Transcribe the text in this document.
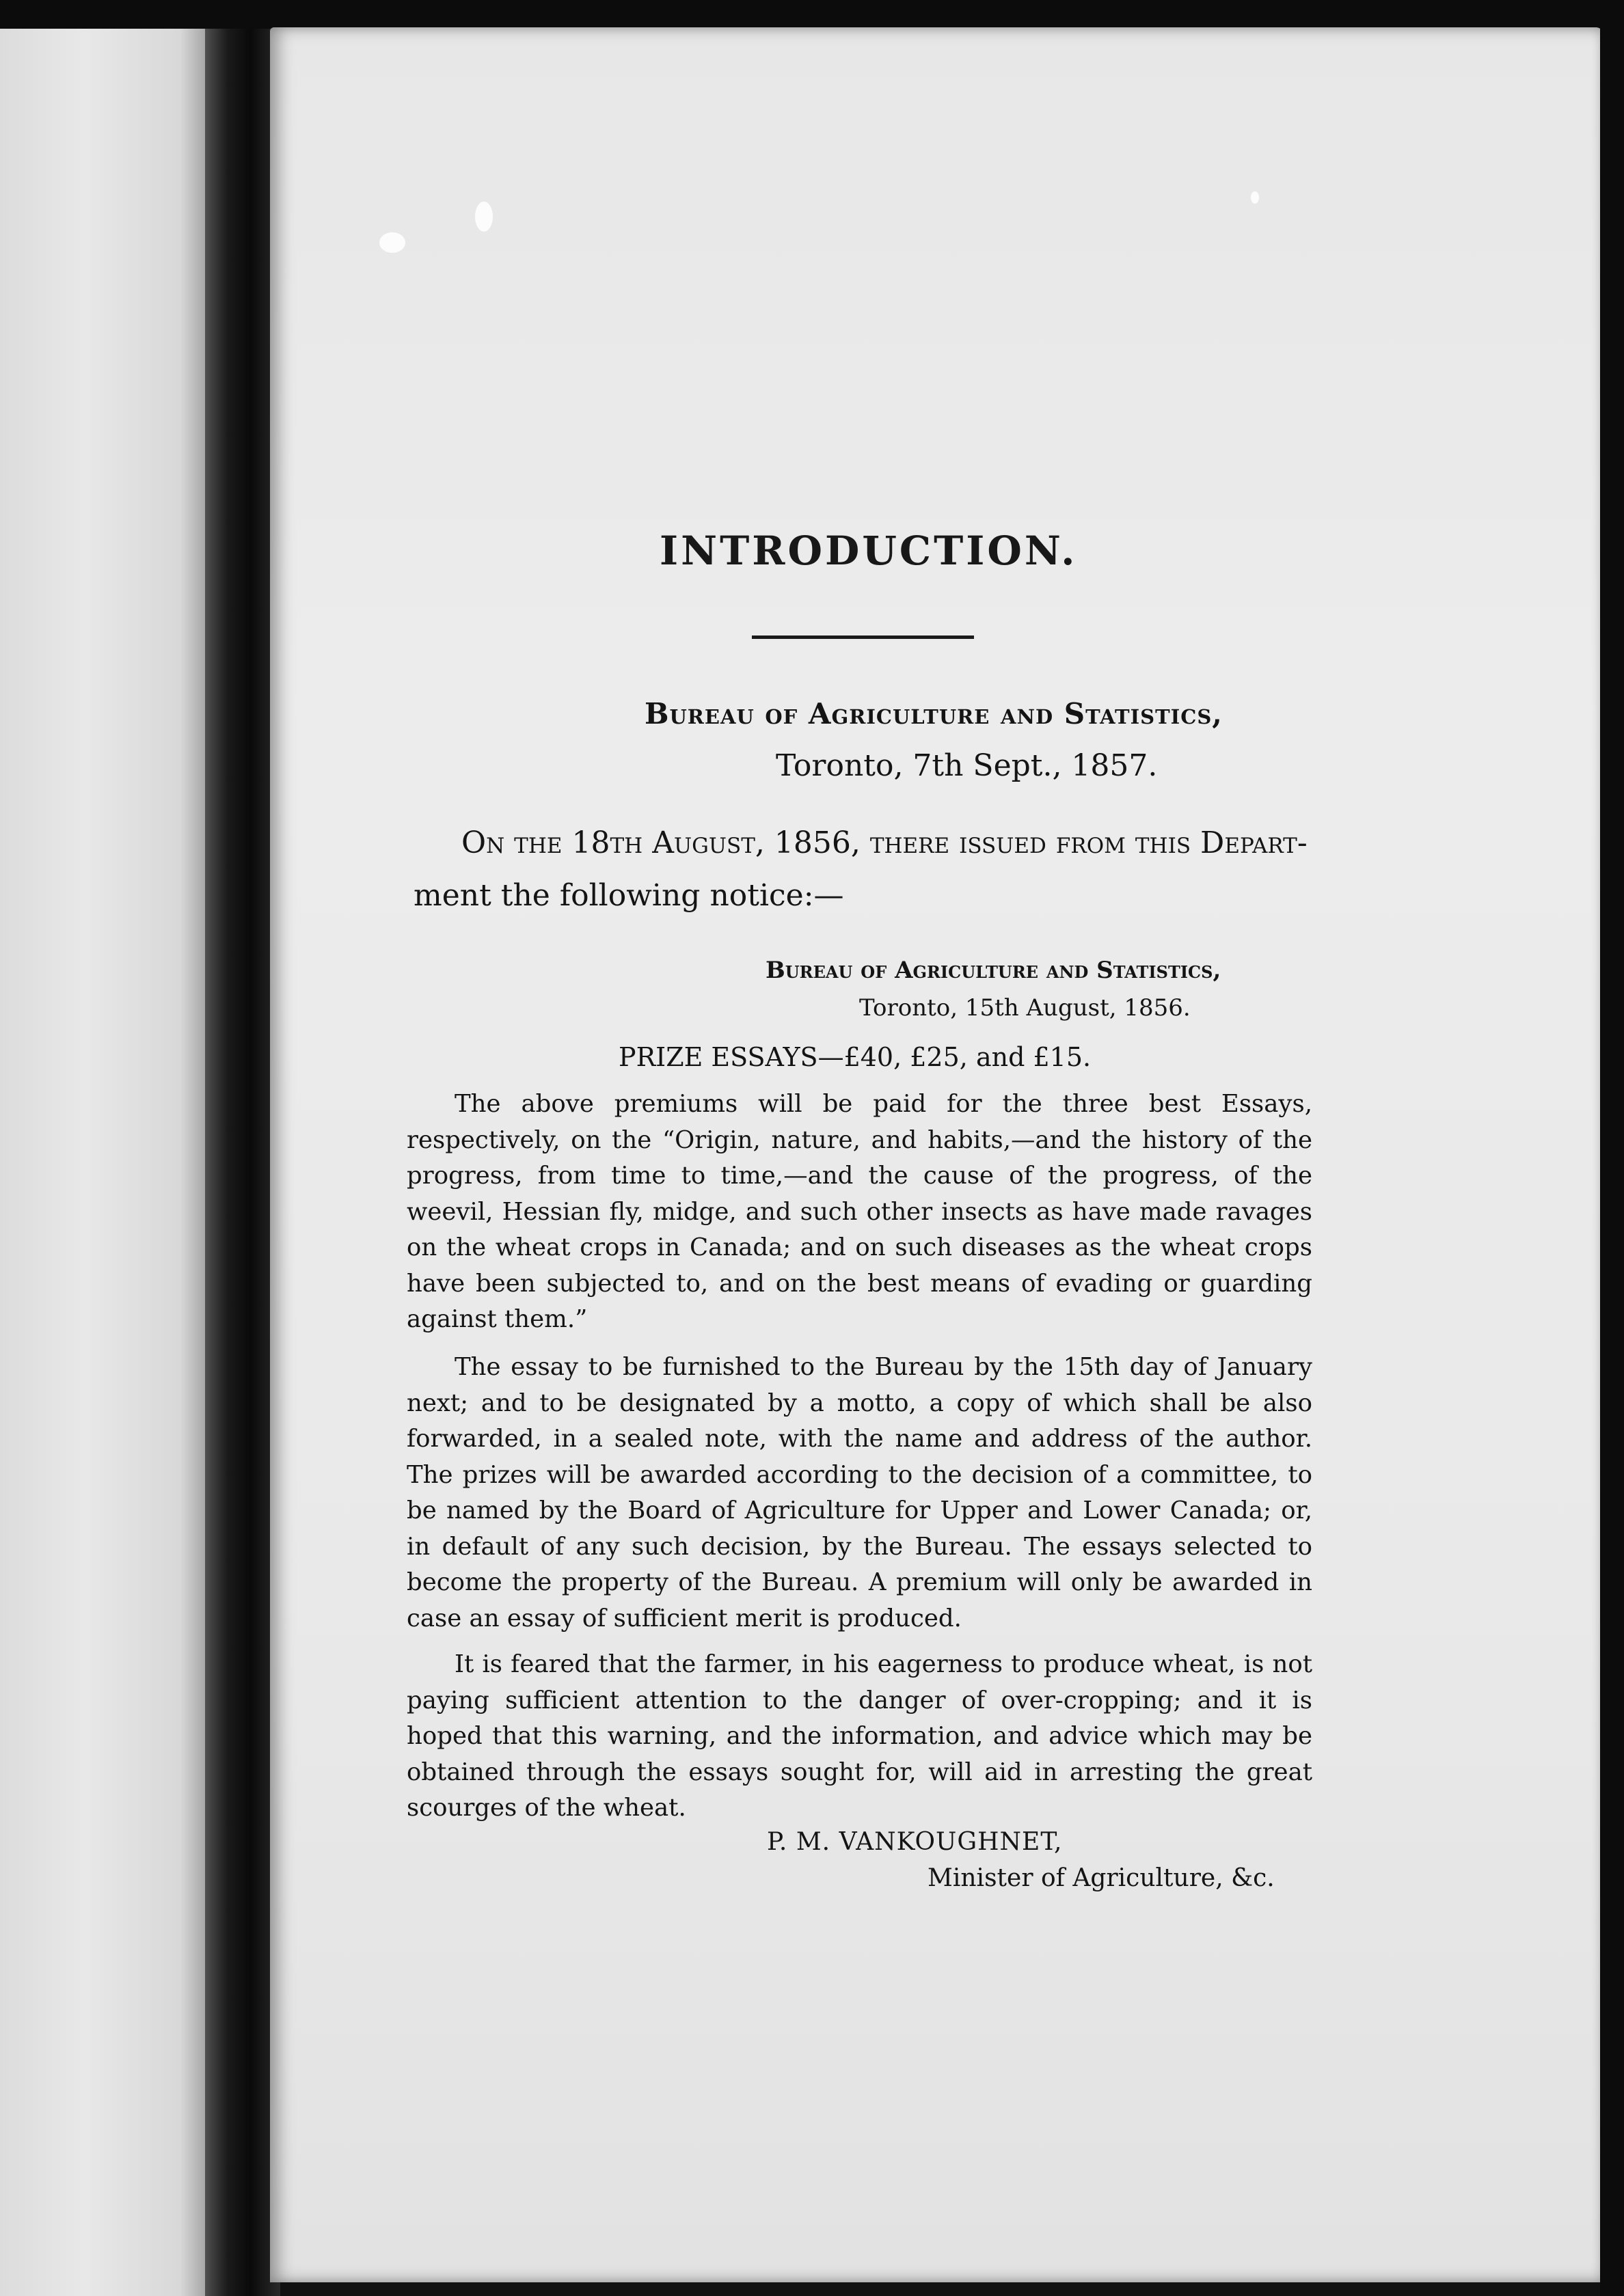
INTRODUCTION.
Bureau of Agriculture and Statistics,
Toronto, 7th Sept., 1857.
On the 18th August, 1856, there issued from this Depart-
ment the following notice:—
Bureau of Agriculture and Statistics,
Toronto, 15th August, 1856.
PRIZE ESSAYS—£40, £25, and £15.

The above premiums will be paid for the three best Essays, respectively, on the “Origin, nature, and habits,—and the history of the progress, from time to time,—and the cause of the progress, of the weevil, Hessian fly, midge, and such other insects as have made ravages on the wheat crops in Canada; and on such diseases as the wheat crops have been subjected to, and on the best means of evading or guarding against them.”

The essay to be furnished to the Bureau by the 15th day of January next; and to be designated by a motto, a copy of which shall be also forwarded, in a sealed note, with the name and address of the author. The prizes will be awarded according to the decision of a committee, to be named by the Board of Agriculture for Upper and Lower Canada; or, in default of any such decision, by the Bureau. The essays selected to become the property of the Bureau. A premium will only be awarded in case an essay of sufficient merit is produced.

It is feared that the farmer, in his eagerness to produce wheat, is not paying sufficient attention to the danger of over-cropping; and it is hoped that this warning, and the information, and advice which may be obtained through the essays sought for, will aid in arresting the great scourges of the wheat.

P. M. VANKOUGHNET,
Minister of Agriculture, &c.
